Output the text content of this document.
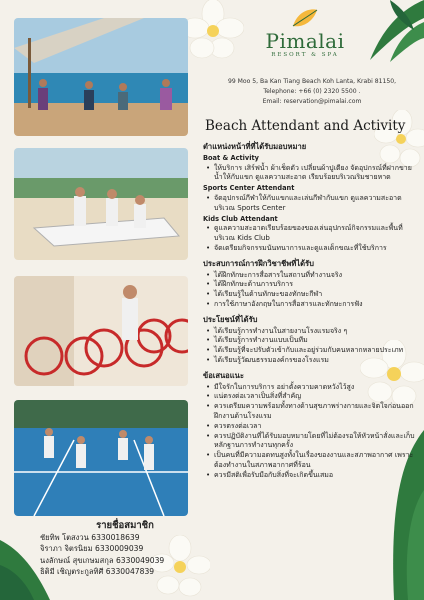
Pimalai
RESORT & SPA
99 Moo 5, Ba Kan Tiang Beach Koh Lanta, Krabi 81150,
Telephone: +66 (0) 2320 5500 .
Email: reservation@pimalai.com
Beach Attendant and Activity
ตำแหน่งหน้าที่ที่ได้รับมอบหมาย
Boat & Activity
• ให้บริการ เสิร์ฟน้ำ ผ้าเช็ดตัว เปลี่ยนผ้าปูเตียง จัดอุปกรณ์ที่ฝากขายน้ำให้กับแขก ดูแลความสะอาด เรียบร้อยบริเวณริมชายหาด
Sports Center Attendant
• จัดอุปกรณ์กีฬาให้กับแขกและเล่นกีฬากับแขก ดูแลความสะอาดบริเวณ Sports Center
Kids Club Attendant
• ดูแลความสะอาดเรียบร้อยของของเล่นอุปกรณ์กิจกรรมและพื้นที่บริเวณ Kids Club
• จัดเตรียมกิจกรรมนันทนาการและดูแลเด็กขณะที่ใช้บริการ
ประสบการณ์การฝึกวิชาชีพที่ได้รับ
• ได้ฝึกทักษะการสื่อสารในสถานที่ทำงานจริง
• ได้ฝึกทักษะด้านการบริการ
• ได้เรียนรู้ในด้านทักษะของทักษะกีฬา
• การใช้ภาษาอังกฤษในการสื่อสารและทักษะการฟัง
ประโยชน์ที่ได้รับ
• ได้เรียนรู้การทำงานในสายงานโรงแรมจริง ๆ
• ได้เรียนรู้การทำงานแบบเป็นทีม
• ได้เรียนรู้ที่จะปรับตัวเข้ากับและอยู่ร่วมกับคนหลากหลายประเภท
• ได้เรียนรู้วัฒนธรรมองค์กรของโรงแรม
ข้อเสนอแนะ
• มีใจรักในการบริการ อย่าตั้งความคาดหวังไว้สูง
• แน่ตรงต่อเวลาเป็นสิ่งที่สำคัญ
• ควรเตรียมความพร้อมทั้งทางด้านสุขภาพร่างกายและจิตใจก่อนออกฝึกงานด้านโรงแรม
• ควรตรงต่อเวลา
• ควรปฏิบัติงานที่ได้รับมอบหมายโดยที่ไม่ต้องรอให้หัวหน้าสั่งและเก็บหลักฐานการทำงานทุกครั้ง
• เป็นคนที่มีความอดทนสูงทั้งในเรื่องของงานและสภาพอากาศ เพราะต้องทำงานในสภาพอากาศที่ร้อน
• ควรมีสติเพื่อรับมือกับสิ่งที่จะเกิดขึ้นเสมอ
รายชื่อสมาชิก
ชัยทิพ โตสงวน 6330018639
จิราภา จิตรนิยม 6330009039
นงลักษณ์ สุขเกษมสกุล 6330049039
ธิติมี เชิญตระกูลทิศี 6330047839
